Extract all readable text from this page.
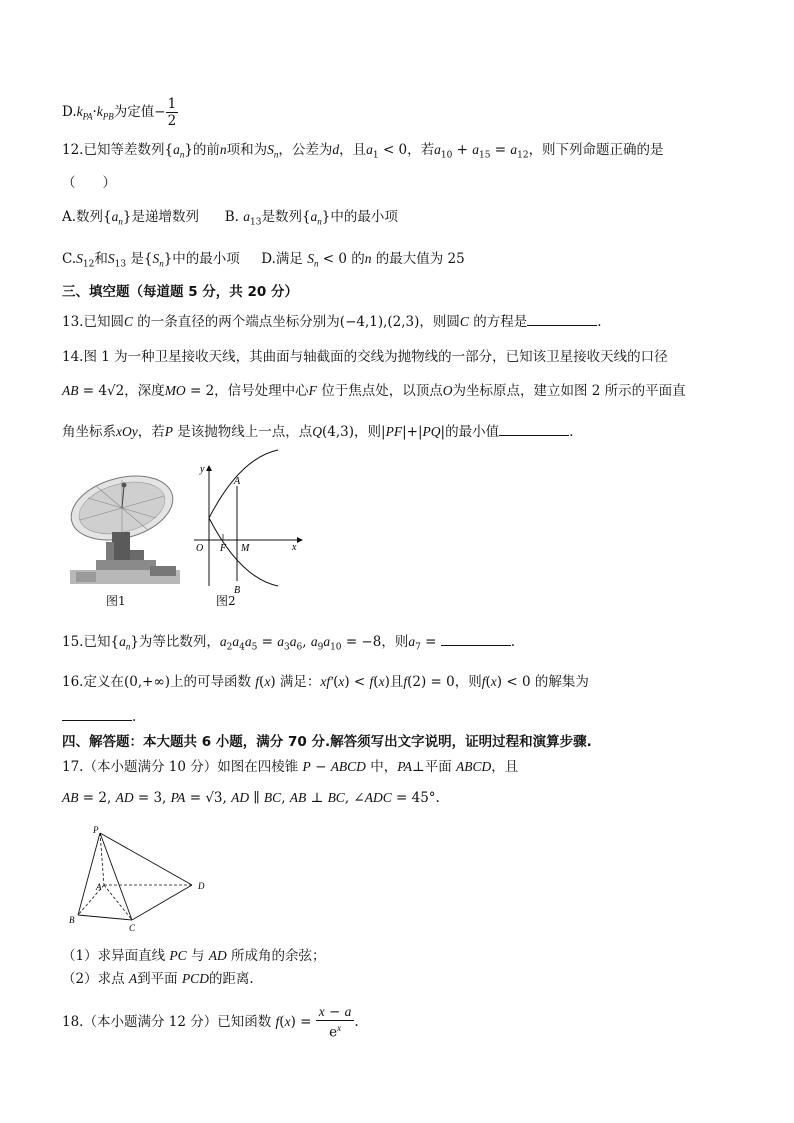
$D.k_{PA}\cdot k_{PB}$为定值− $\frac{1}{2}$
12.已知等差数列$\{a_n\}$的前n项和为$S_n$，公差为d，且$a_1 < 0$，若$a_{10} + a_{15} = a_{12}$，则下列命题正确的是
（　　）
A.数列$\{a_n\}$是递增数列 B. $a_{13}$是数列$\{a_n\}$中的最小项
$C.S_{12}$和$S_{13}$ 是$\{S_n\}$中的最小项 D.满足 $S_n < 0$ 的n 的最大值为 25
三、填空题（每道题 5 分，共 20 分）
13.已知圆C 的一条直径的两个端点坐标分别为(−4,1),(2,3)，则圆C 的方程是	.
14.图 1 为一种卫星接收天线，其曲面与轴截面的交线为抛物线的一部分，已知该卫星接收天线的口径
AB = 4√2，深度MO = 2，信号处理中心F 位于焦点处，以顶点O为坐标原点，建立如图 2 所示的平面直
角坐标系xOy，若P 是该抛物线上一点，点Q(4,3)，则|PF|+|PQ|的最小值	.
图1
y
x
A
B
O F M
图2
15.已知$\{a_n\}$为等比数列，$a_2a_4a_5 = a_3a_6$, $a_9a_{10} = -8$，则$a_7$ =	.
16.定义在(0,+∞)上的可导函数 f(x) 满足：xf′(x) < f(x)且f(2) = 0，则f(x) < 0 的解集为
.
四、解答题：本大题共 6 小题，满分 70 分.解答须写出文字说明，证明过程和演算步骤.
17.（本小题满分 10 分）如图在四棱锥 P − ABCD 中，PA⊥平面 ABCD，且
AB = 2, AD = 3, PA = √3, AD ∥ BC, AB ⊥ BC, ∠ADC = 45°.
P
A
B
C
D
（1）求异面直线 PC 与 AD 所成角的余弦；
（2）求点 A到平面 PCD的距离.
18.（本小题满分 12 分）已知函数 $f(x) = \frac{x - a}{e^x}$ .
